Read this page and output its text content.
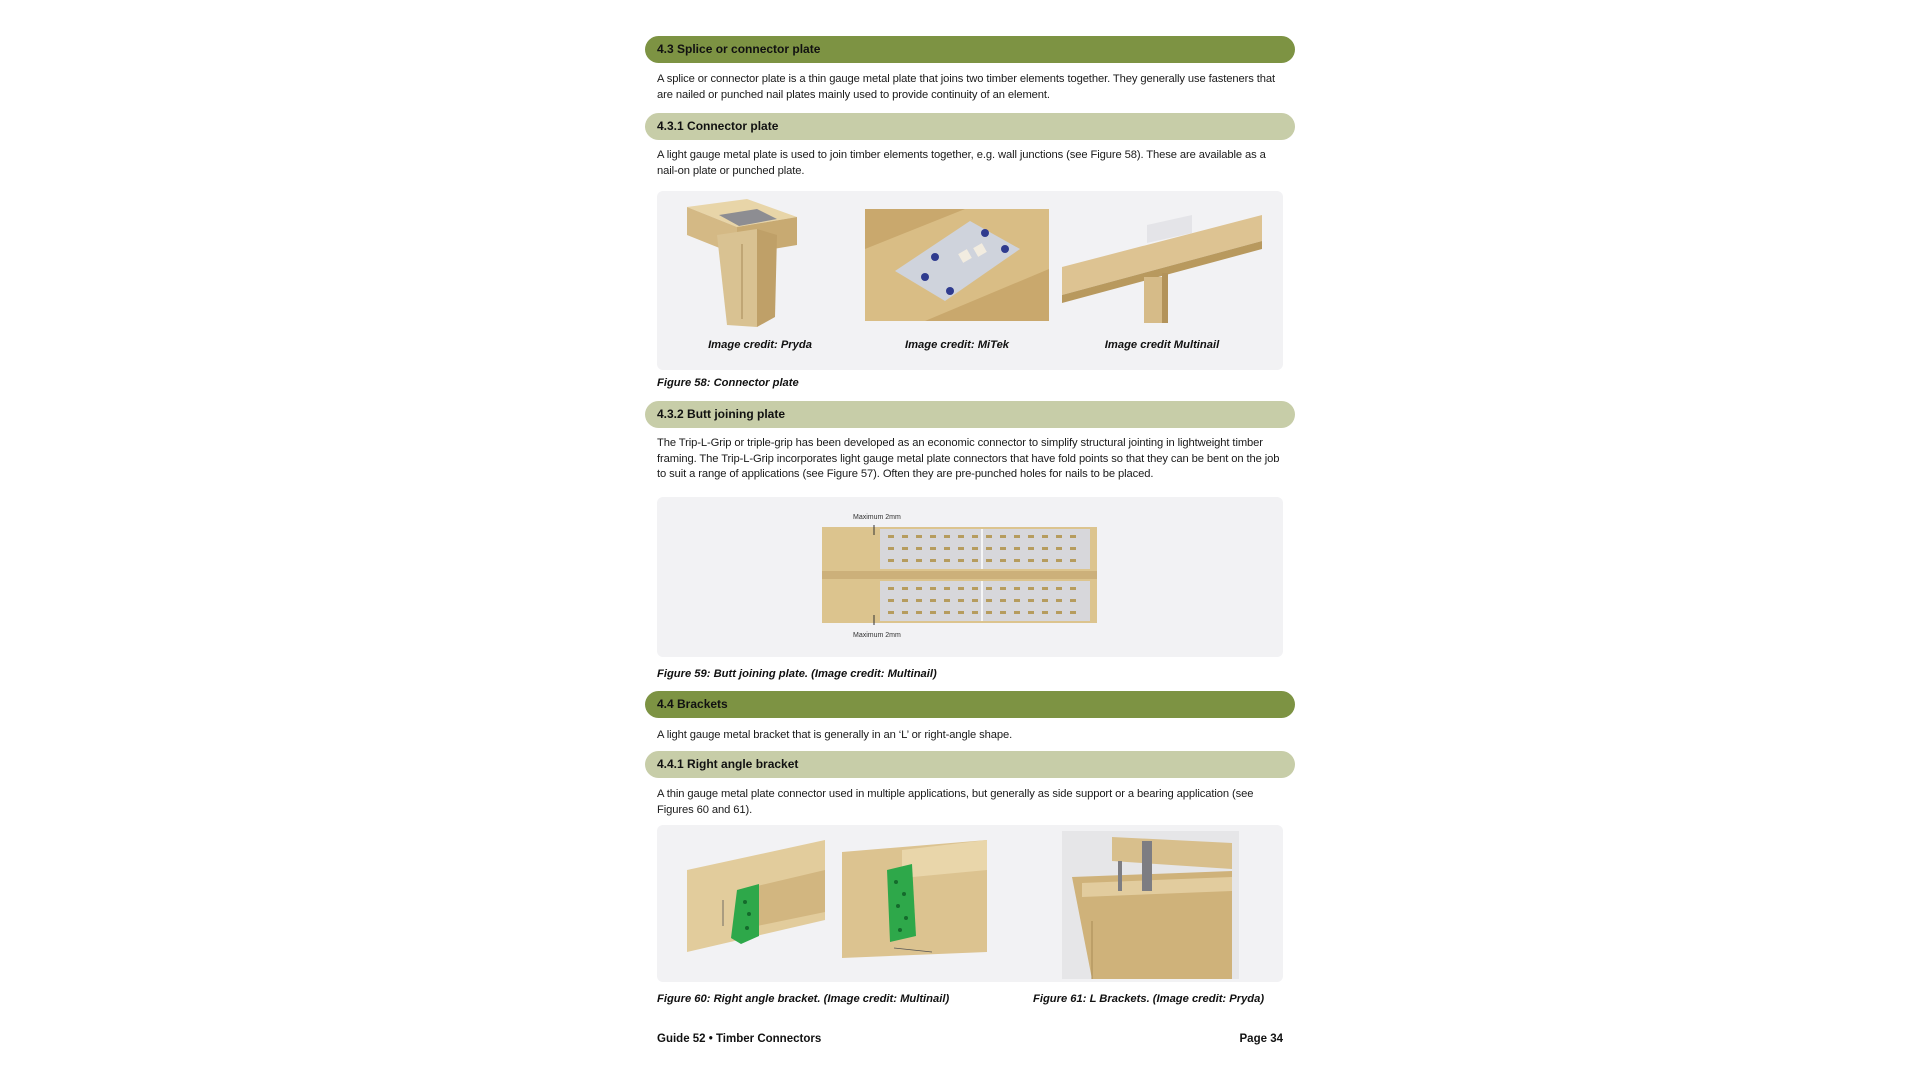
4.3 Splice or connector plate
A splice or connector plate is a thin gauge metal plate that joins two timber elements together. They generally use fasteners that are nailed or punched nail plates mainly used to provide continuity of an element.
4.3.1 Connector plate
A light gauge metal plate is used to join timber elements together, e.g. wall junctions (see Figure 58). These are available as a nail-on plate or punched plate.
Image credit: Pryda	Image credit: MiTek	Image credit Multinail
Figure 58: Connector plate
4.3.2 Butt joining plate
The Trip-L-Grip or triple-grip has been developed as an economic connector to simplify structural jointing in lightweight timber framing. The Trip-L-Grip incorporates light gauge metal plate connectors that have fold points so that they can be bent on the job to suit a range of applications (see Figure 57). Often they are pre-punched holes for nails to be placed.
Maximum 2mm
Maximum 2mm
Figure 59: Butt joining plate. (Image credit: Multinail)
4.4 Brackets
A light gauge metal bracket that is generally in an ‘L’ or right-angle shape.
4.4.1 Right angle bracket
A thin gauge metal plate connector used in multiple applications, but generally as side support or a bearing application (see Figures 60 and 61).
Figure 60: Right angle bracket. (Image credit: Multinail)	Figure 61: L Brackets. (Image credit: Pryda)
Guide 52 • Timber Connectors	Page 34
